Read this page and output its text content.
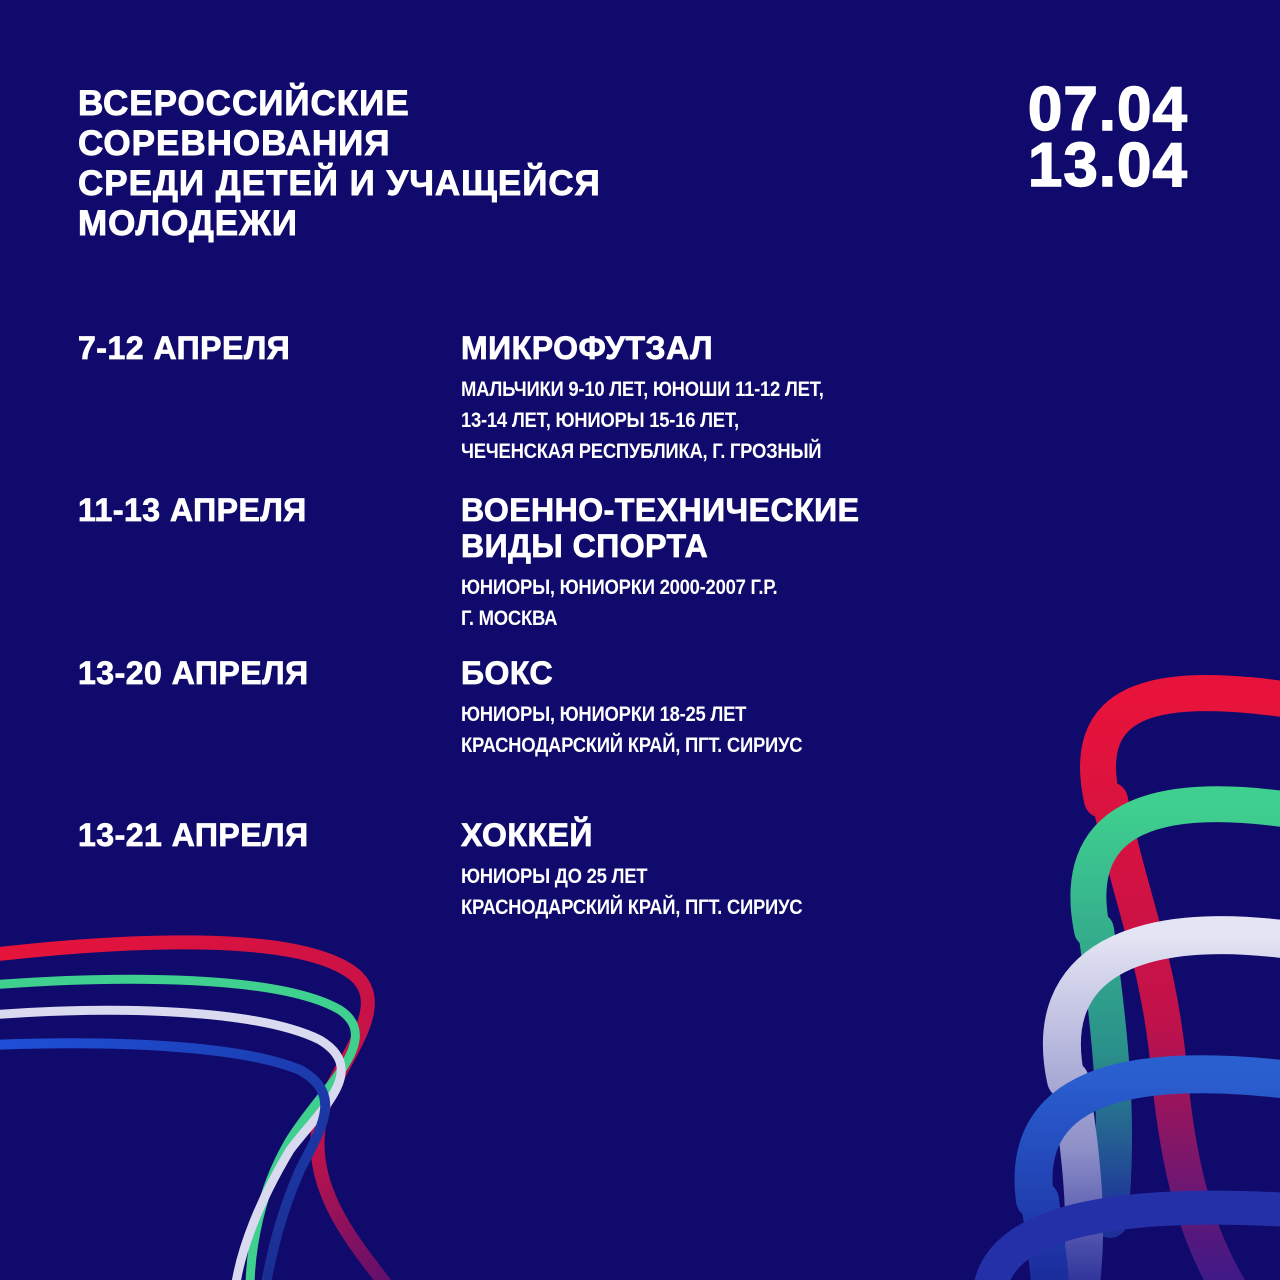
ВСЕРОССИЙСКИЕ
СОРЕВНОВАНИЯ
СРЕДИ ДЕТЕЙ И УЧАЩЕЙСЯ
МОЛОДЕЖИ
07.04
13.04
7-12 АПРЕЛЯ	МИКРОФУТЗАЛ
МАЛЬЧИКИ 9-10 ЛЕТ, ЮНОШИ 11-12 ЛЕТ,
13-14 ЛЕТ, ЮНИОРЫ 15-16 ЛЕТ,
ЧЕЧЕНСКАЯ РЕСПУБЛИКА, Г. ГРОЗНЫЙ
11-13 АПРЕЛЯ	ВОЕННО-ТЕХНИЧЕСКИЕ
ВИДЫ СПОРТА
ЮНИОРЫ, ЮНИОРКИ 2000-2007 Г.Р.
Г. МОСКВА
13-20 АПРЕЛЯ	БОКС
ЮНИОРЫ, ЮНИОРКИ 18-25 ЛЕТ
КРАСНОДАРСКИЙ КРАЙ, ПГТ. СИРИУС
13-21 АПРЕЛЯ	ХОККЕЙ
ЮНИОРЫ ДО 25 ЛЕТ
КРАСНОДАРСКИЙ КРАЙ, ПГТ. СИРИУС
